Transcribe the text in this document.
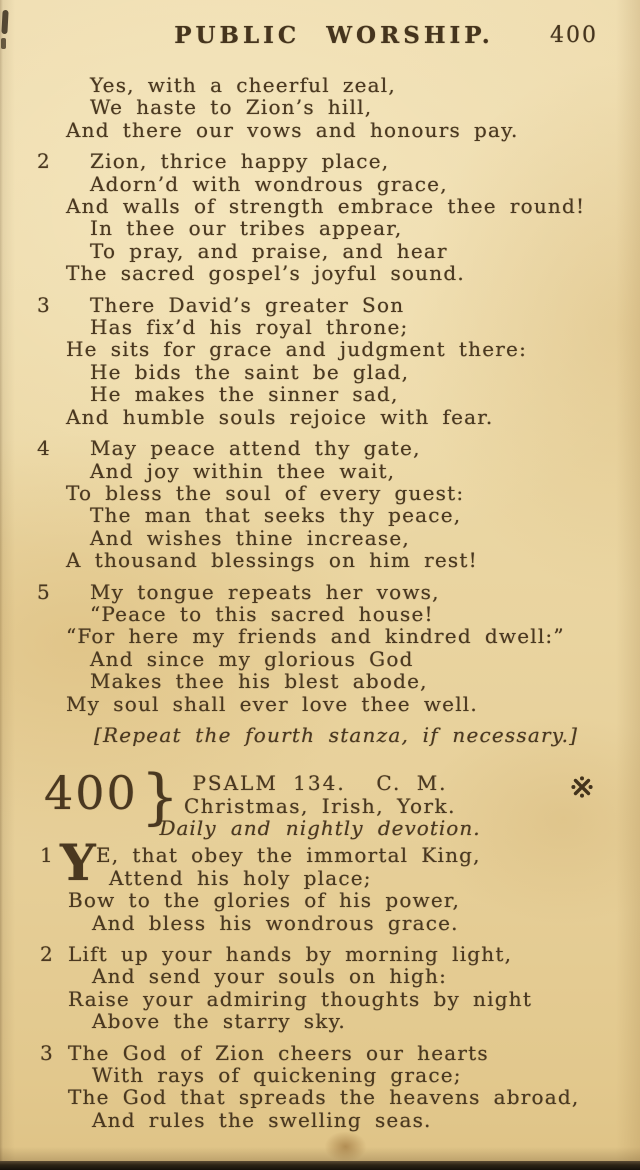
PUBLIC WORSHIP.	400
Yes, with a cheerful zeal,
We haste to Zion’s hill,
And there our vows and honours pay.
2 Zion, thrice happy place,
Adorn’d with wondrous grace,
And walls of strength embrace thee round!
In thee our tribes appear,
To pray, and praise, and hear
The sacred gospel’s joyful sound.
3 There David’s greater Son
Has fix’d his royal throne;
He sits for grace and judgment there:
He bids the saint be glad,
He makes the sinner sad,
And humble souls rejoice with fear.
4 May peace attend thy gate,
And joy within thee wait,
To bless the soul of every guest:
The man that seeks thy peace,
And wishes thine increase,
A thousand blessings on him rest!
5 My tongue repeats her vows,
“Peace to this sacred house!
“For here my friends and kindred dwell:”
And since my glorious God
Makes thee his blest abode,
My soul shall ever love thee well.
[Repeat the fourth stanza, if necessary.]
400 } PSALM 134.  C. M.
Christmas, Irish, York.
Daily and nightly devotion.
1 Y E, that obey the immortal King,
Attend his holy place;
Bow to the glories of his power,
And bless his wondrous grace.
2 Lift up your hands by morning light,
And send your souls on high:
Raise your admiring thoughts by night
Above the starry sky.
3 The God of Zion cheers our hearts
With rays of quickening grace;
The God that spreads the heavens abroad,
And rules the swelling seas.
